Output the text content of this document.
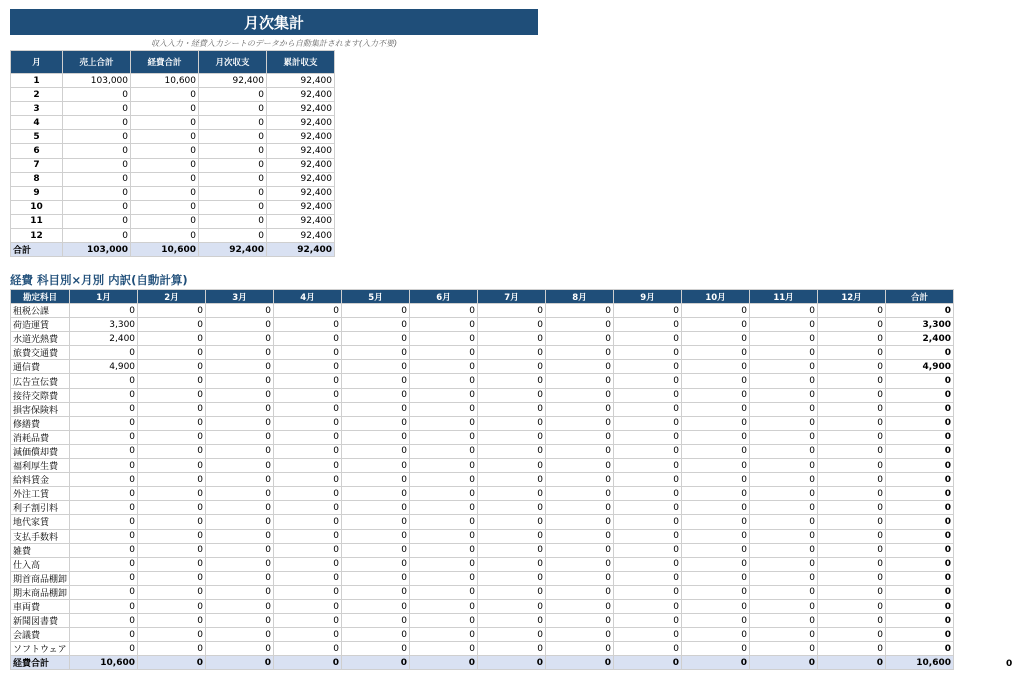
月次集計
収入入力・経費入力シートのデータから自動集計されます(入力不要)
月	売上合計	経費合計	月次収支	累計収支
1	103,000	10,600	92,400	92,400
2	0	0	0	92,400
3	0	0	0	92,400
4	0	0	0	92,400
5	0	0	0	92,400
6	0	0	0	92,400
7	0	0	0	92,400
8	0	0	0	92,400
9	0	0	0	92,400
10	0	0	0	92,400
11	0	0	0	92,400
12	0	0	0	92,400
合計	103,000	10,600	92,400	92,400
経費 科目別×月別 内訳(自動計算)
勘定科目	1月	2月	3月	4月	5月	6月	7月	8月	9月	10月	11月	12月	合計
租税公課	0	0	0	0	0	0	0	0	0	0	0	0	0
荷造運賃	3,300	0	0	0	0	0	0	0	0	0	0	0	3,300
水道光熱費	2,400	0	0	0	0	0	0	0	0	0	0	0	2,400
旅費交通費	0	0	0	0	0	0	0	0	0	0	0	0	0
通信費	4,900	0	0	0	0	0	0	0	0	0	0	0	4,900
広告宣伝費	0	0	0	0	0	0	0	0	0	0	0	0	0
接待交際費	0	0	0	0	0	0	0	0	0	0	0	0	0
損害保険料	0	0	0	0	0	0	0	0	0	0	0	0	0
修繕費	0	0	0	0	0	0	0	0	0	0	0	0	0
消耗品費	0	0	0	0	0	0	0	0	0	0	0	0	0
減価償却費	0	0	0	0	0	0	0	0	0	0	0	0	0
福利厚生費	0	0	0	0	0	0	0	0	0	0	0	0	0
給料賃金	0	0	0	0	0	0	0	0	0	0	0	0	0
外注工賃	0	0	0	0	0	0	0	0	0	0	0	0	0
利子割引料	0	0	0	0	0	0	0	0	0	0	0	0	0
地代家賃	0	0	0	0	0	0	0	0	0	0	0	0	0
支払手数料	0	0	0	0	0	0	0	0	0	0	0	0	0
雑費	0	0	0	0	0	0	0	0	0	0	0	0	0
仕入高	0	0	0	0	0	0	0	0	0	0	0	0	0
期首商品棚卸	0	0	0	0	0	0	0	0	0	0	0	0	0
期末商品棚卸	0	0	0	0	0	0	0	0	0	0	0	0	0
車両費	0	0	0	0	0	0	0	0	0	0	0	0	0
新聞図書費	0	0	0	0	0	0	0	0	0	0	0	0	0
会議費	0	0	0	0	0	0	0	0	0	0	0	0	0
ソフトウェア	0	0	0	0	0	0	0	0	0	0	0	0	0
経費合計	10,600	0	0	0	0	0	0	0	0	0	0	0	10,600	0
